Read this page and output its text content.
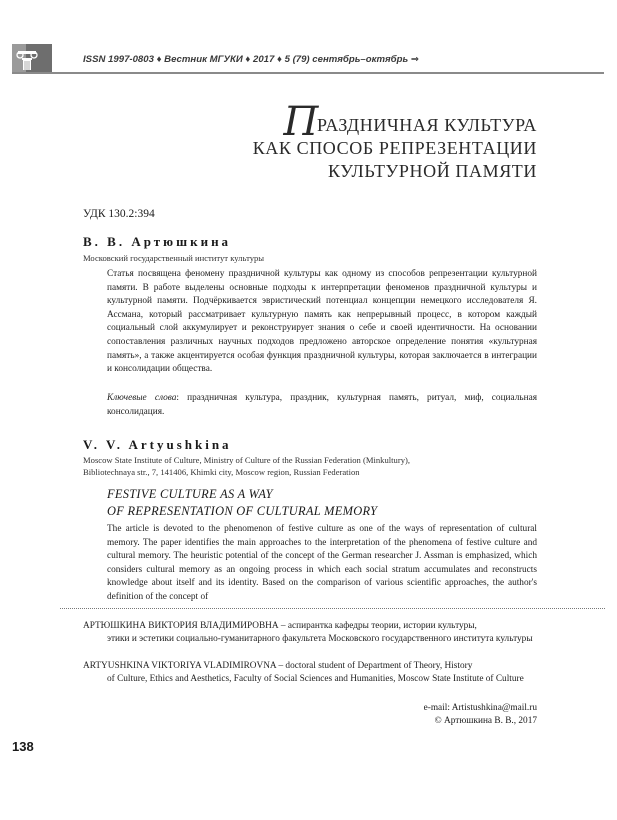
ISSN 1997-0803 ♦ Вестник МГУКИ ♦ 2017 ♦ 5 (79) сентябрь–октябрь ⇒
ПРАЗДНИЧНАЯ КУЛЬТУРА
КАК СПОСОБ РЕПРЕЗЕНТАЦИИ
КУЛЬТУРНОЙ ПАМЯТИ
УДК 130.2:394
В. В. Артюшкина
Московский государственный институт культуры
Статья посвящена феномену праздничной культуры как одному из способов репрезентации культурной памяти. В работе выделены основные подходы к интерпретации феноменов праздничной культуры и культурной памяти. Подчёркивается эвристический потенциал концепции немецкого исследователя Я. Ассмана, который рассматривает культурную память как непрерывный процесс, в котором каждый социальный слой аккумулирует и реконструирует знания о себе и своей идентичности. На основании сопоставления различных научных подходов предложено авторское определение понятия «культурная память», а также акцентируется особая функция праздничной культуры, которая заключается в интеграции и консолидации общества.
Ключевые слова: праздничная культура, праздник, культурная память, ритуал, миф, социальная консолидация.
V. V. Artyushkina
Moscow State Institute of Culture, Ministry of Culture of the Russian Federation (Minkultury),
Bibliotechnaya str., 7, 141406, Khimki city, Moscow region, Russian Federation
FESTIVE CULTURE AS A WAY
OF REPRESENTATION OF CULTURAL MEMORY
The article is devoted to the phenomenon of festive culture as one of the ways of representation of cultural memory. The paper identifies the main approaches to the interpretation of the phenomena of festive culture and cultural memory. The heuristic potential of the concept of the German researcher J. Assman is emphasized, which considers cultural memory as an ongoing process in which each social stratum accumulates and reconstructs knowledge about itself and its identity. Based on the comparison of various scientific approaches, the author's definition of the concept of
АРТЮШКИНА ВИКТОРИЯ ВЛАДИМИРОВНА – аспирантка кафедры теории, истории культуры,
этики и эстетики социально-гуманитарного факультета Московского государственного института культуры
ARTYUSHKINA VIKTORIYA VLADIMIROVNA – doctoral student of Department of Theory, History
of Culture, Ethics and Aesthetics, Faculty of Social Sciences and Humanities, Moscow State Institute of Culture
e-mail: Artistushkina@mail.ru
© Артюшкина В. В., 2017
138
